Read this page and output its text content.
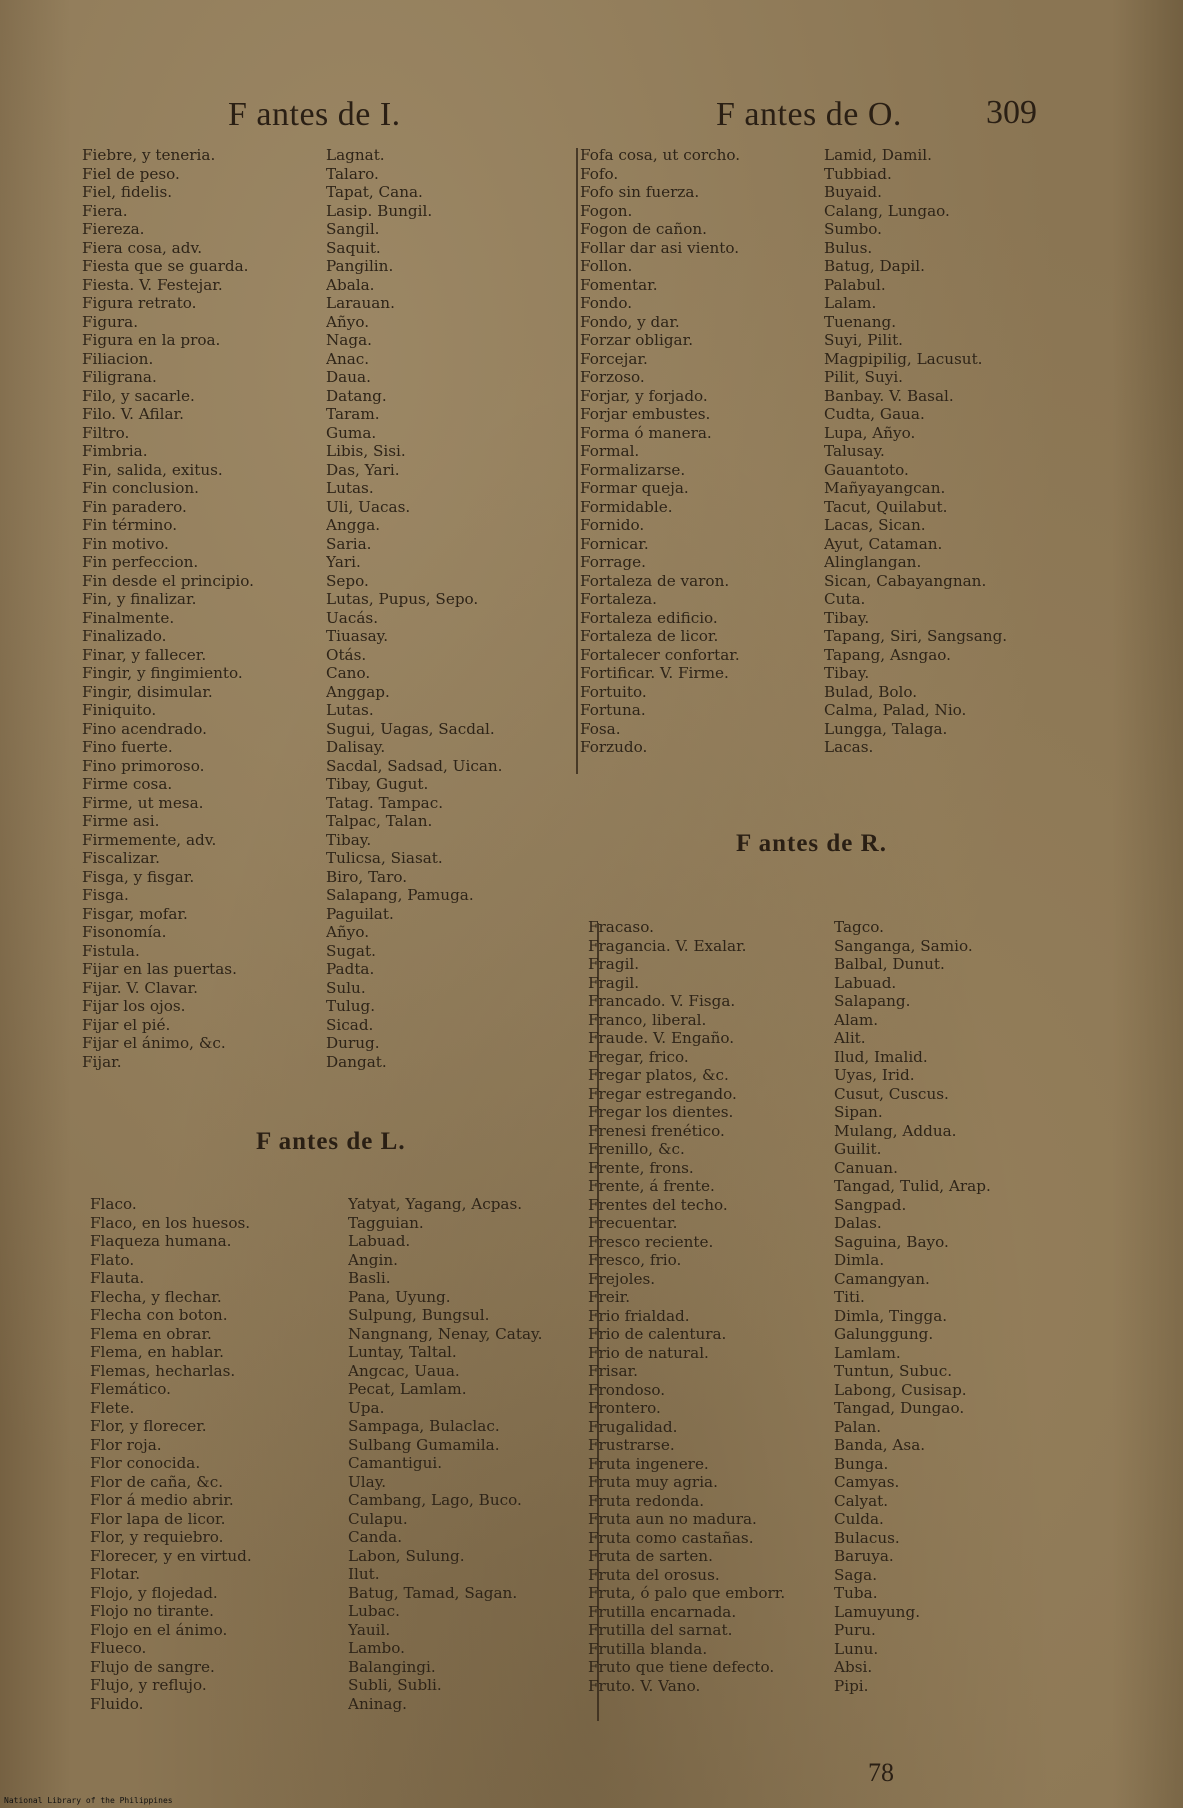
F antes de I.	F antes de O. 309
Fiebre, y teneria.	Lagnat.
Fiel de peso.	Talaro.
Fiel, fidelis.	Tapat, Cana.
Fiera.	Lasip. Bungil.
Fiereza.	Sangil.
Fiera cosa, adv.	Saquit.
Fiesta que se guarda.	Pangilin.
Fiesta. V. Festejar.	Abala.
Figura retrato.	Larauan.
Figura.	Añyo.
Figura en la proa.	Naga.
Filiacion.	Anac.
Filigrana.	Daua.
Filo, y sacarle.	Datang.
Filo. V. Afilar.	Taram.
Filtro.	Guma.
Fimbria.	Libis, Sisi.
Fin, salida, exitus.	Das, Yari.
Fin conclusion.	Lutas.
Fin paradero.	Uli, Uacas.
Fin término.	Angga.
Fin motivo.	Saria.
Fin perfeccion.	Yari.
Fin desde el principio.	Sepo.
Fin, y finalizar.	Lutas, Pupus, Sepo.
Finalmente.	Uacás.
Finalizado.	Tiuasay.
Finar, y fallecer.	Otás.
Fingir, y fingimiento.	Cano.
Fingir, disimular.	Anggap.
Finiquito.	Lutas.
Fino acendrado.	Sugui, Uagas, Sacdal.
Fino fuerte.	Dalisay.
Fino primoroso.	Sacdal, Sadsad, Uican.
Firme cosa.	Tibay, Gugut.
Firme, ut mesa.	Tatag. Tampac.
Firme asi.	Talpac, Talan.
Firmemente, adv.	Tibay.
Fiscalizar.	Tulicsa, Siasat.
Fisga, y fisgar.	Biro, Taro.
Fisga.	Salapang, Pamuga.
Fisgar, mofar.	Paguilat.
Fisonomía.	Añyo.
Fistula.	Sugat.
Fijar en las puertas.	Padta.
Fijar. V. Clavar.	Sulu.
Fijar los ojos.	Tulug.
Fijar el pié.	Sicad.
Fijar el ánimo, &c.	Durug.
Fijar.	Dangat.
Fofa cosa, ut corcho.	Lamid, Damil.
Fofo.	Tubbiad.
Fofo sin fuerza.	Buyaid.
Fogon.	Calang, Lungao.
Fogon de cañon.	Sumbo.
Follar dar asi viento.	Bulus.
Follon.	Batug, Dapil.
Fomentar.	Palabul.
Fondo.	Lalam.
Fondo, y dar.	Tuenang.
Forzar obligar.	Suyi, Pilit.
Forcejar.	Magpipilig, Lacusut.
Forzoso.	Pilit, Suyi.
Forjar, y forjado.	Banbay. V. Basal.
Forjar embustes.	Cudta, Gaua.
Forma ó manera.	Lupa, Añyo.
Formal.	Talusay.
Formalizarse.	Gauantoto.
Formar queja.	Mañyayangcan.
Formidable.	Tacut, Quilabut.
Fornido.	Lacas, Sican.
Fornicar.	Ayut, Cataman.
Forrage.	Alinglangan.
Fortaleza de varon.	Sican, Cabayangnan.
Fortaleza.	Cuta.
Fortaleza edificio.	Tibay.
Fortaleza de licor.	Tapang, Siri, Sangsang.
Fortalecer confortar.	Tapang, Asngao.
Fortificar. V. Firme.	Tibay.
Fortuito.	Bulad, Bolo.
Fortuna.	Calma, Palad, Nio.
Fosa.	Lungga, Talaga.
Forzudo.	Lacas.
F antes de L.
Flaco.	Yatyat, Yagang, Acpas.
Flaco, en los huesos.	Tagguian.
Flaqueza humana.	Labuad.
Flato.	Angin.
Flauta.	Basli.
Flecha, y flechar.	Pana, Uyung.
Flecha con boton.	Sulpung, Bungsul.
Flema en obrar.	Nangnang, Nenay, Catay.
Flema, en hablar.	Luntay, Taltal.
Flemas, hecharlas.	Angcac, Uaua.
Flemático.	Pecat, Lamlam.
Flete.	Upa.
Flor, y florecer.	Sampaga, Bulaclac.
Flor roja.	Sulbang Gumamila.
Flor conocida.	Camantigui.
Flor de caña, &c.	Ulay.
Flor á medio abrir.	Cambang, Lago, Buco.
Flor lapa de licor.	Culapu.
Flor, y requiebro.	Canda.
Florecer, y en virtud.	Labon, Sulung.
Flotar.	Ilut.
Flojo, y flojedad.	Batug, Tamad, Sagan.
Flojo no tirante.	Lubac.
Flojo en el ánimo.	Yauil.
Flueco.	Lambo.
Flujo de sangre.	Balangingi.
Flujo, y reflujo.	Subli, Subli.
Fluido.	Aninag.
F antes de R.
Fracaso.	Tagco.
Fragancia. V. Exalar.	Sanganga, Samio.
Fragil.	Balbal, Dunut.
Fragil.	Labuad.
Francado. V. Fisga.	Salapang.
Franco, liberal.	Alam.
Fraude. V. Engaño.	Alit.
Fregar, frico.	Ilud, Imalid.
Fregar platos, &c.	Uyas, Irid.
Fregar estregando.	Cusut, Cuscus.
Fregar los dientes.	Sipan.
Frenesi frenético.	Mulang, Addua.
Frenillo, &c.	Guilit.
Frente, frons.	Canuan.
Frente, á frente.	Tangad, Tulid, Arap.
Frentes del techo.	Sangpad.
Frecuentar.	Dalas.
Fresco reciente.	Saguina, Bayo.
Fresco, frio.	Dimla.
Frejoles.	Camangyan.
Freir.	Titi.
Frio frialdad.	Dimla, Tingga.
Frio de calentura.	Galunggung.
Frio de natural.	Lamlam.
Frisar.	Tuntun, Subuc.
Frondoso.	Labong, Cusisap.
Frontero.	Tangad, Dungao.
Frugalidad.	Palan.
Frustrarse.	Banda, Asa.
Fruta ingenere.	Bunga.
Fruta muy agria.	Camyas.
Fruta redonda.	Calyat.
Fruta aun no madura.	Culda.
Fruta como castañas.	Bulacus.
Fruta de sarten.	Baruya.
Fruta del orosus.	Saga.
Fruta, ó palo que emborr.	Tuba.
Frutilla encarnada.	Lamuyung.
Frutilla del sarnat.	Puru.
Frutilla blanda.	Lunu.
Fruto que tiene defecto.	Absi.
Fruto. V. Vano.	Pipi.
78
National Library of the Philippines
